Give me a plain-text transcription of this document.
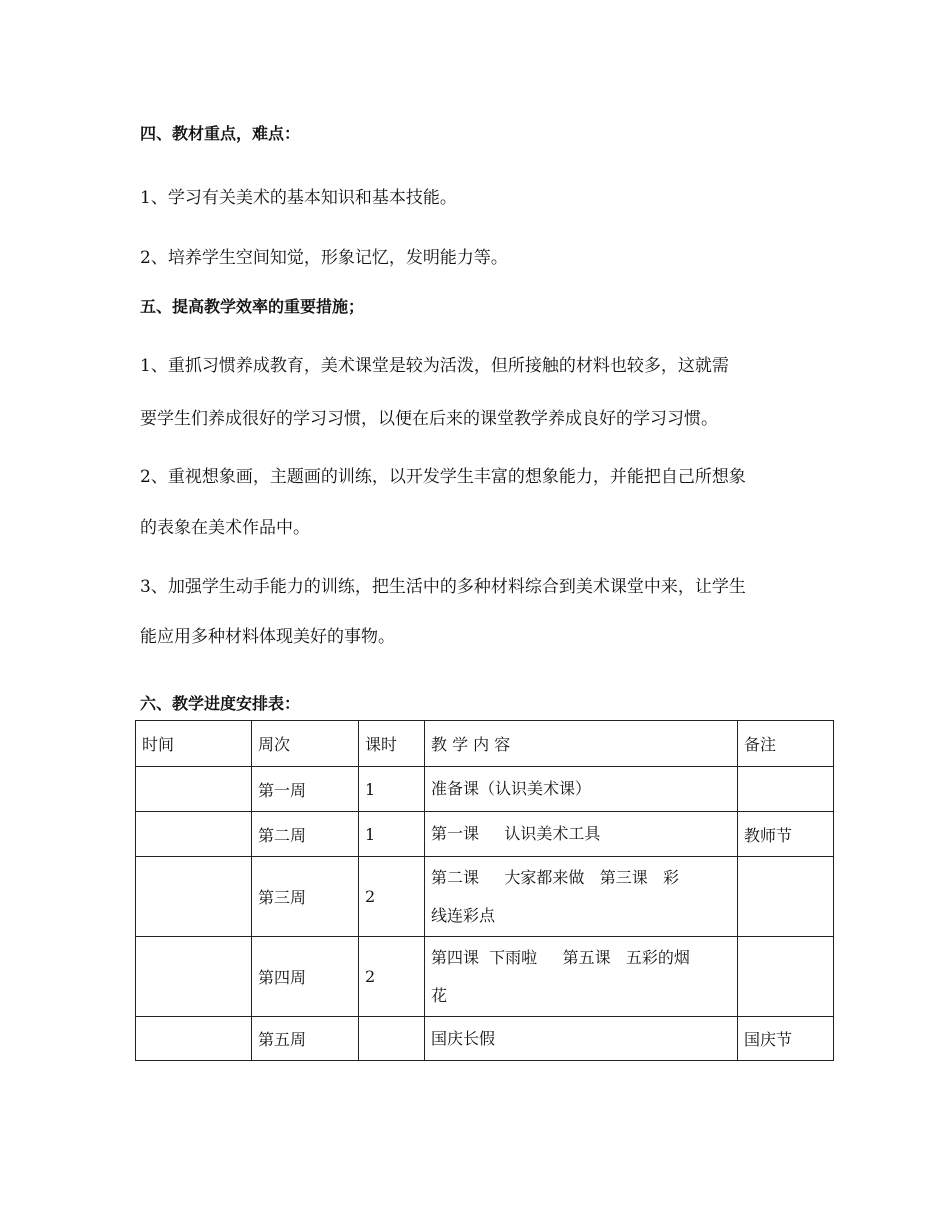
四、教材重点，难点：
1、学习有关美术的基本知识和基本技能。
2、培养学生空间知觉，形象记忆，发明能力等。
五、提高教学效率的重要措施；
1、重抓习惯养成教育，美术课堂是较为活泼，但所接触的材料也较多，这就需
要学生们养成很好的学习习惯，以便在后来的课堂教学养成良好的学习习惯。
2、重视想象画，主题画的训练，以开发学生丰富的想象能力，并能把自己所想象
的表象在美术作品中。
3、加强学生动手能力的训练，把生活中的多种材料综合到美术课堂中来，让学生
能应用多种材料体现美好的事物。
六、教学进度安排表：
时间	周次	课时	教 学 内 容	备注
	第一周	1	准备课（认识美术课）	
	第二周	1	第一课     认识美术工具	教师节
	第三周	2	第二课     大家都来做   第三课   彩
线连彩点	
	第四周	2	第四课  下雨啦     第五课   五彩的烟
花	
	第五周		国庆长假	国庆节
